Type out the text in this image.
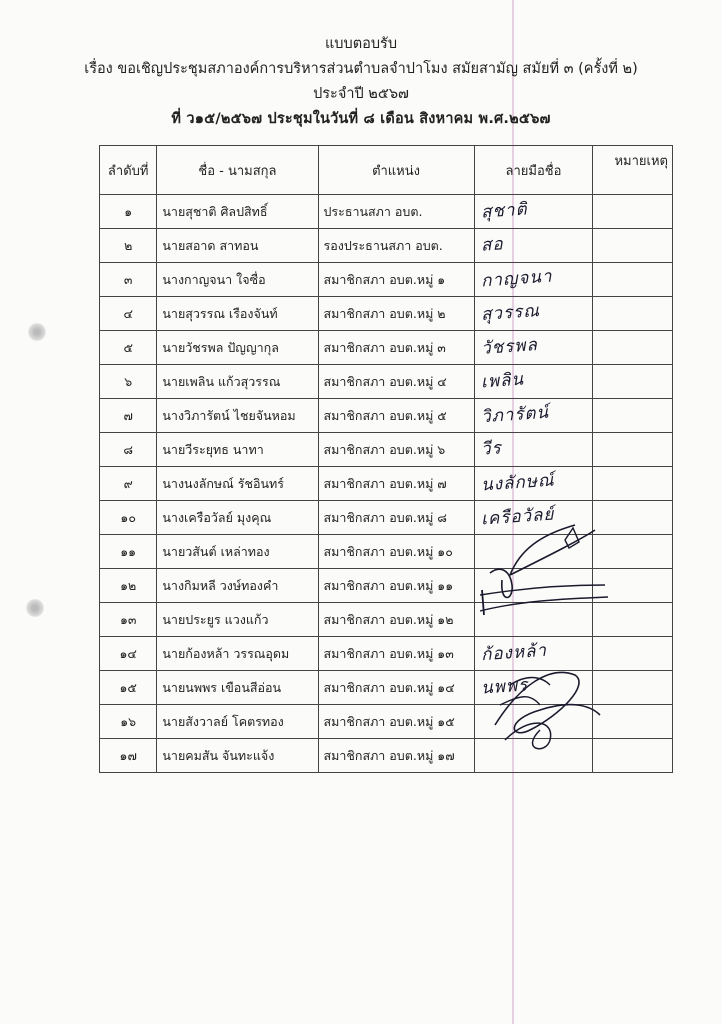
แบบตอบรับ
เรื่อง ขอเชิญประชุมสภาองค์การบริหารส่วนตำบลจำปาโมง สมัยสามัญ สมัยที่ ๓ (ครั้งที่ ๒)
ประจำปี ๒๕๖๗
ที่ ว๑๕/๒๕๖๗ ประชุมในวันที่ ๘ เดือน สิงหาคม พ.ศ.๒๕๖๗
ลำดับที่	ชื่อ - นามสกุล	ตำแหน่ง	ลายมือชื่อ	หมายเหตุ
๑	นายสุชาติ ศิลปสิทธิ์	ประธานสภา อบต.	สุชาติ	

๒	นายสอาด สาทอน	รองประธานสภา อบต.	สอ	

๓	นางกาญจนา ใจซื่อ	สมาชิกสภา อบต.หมู่ ๑	กาญจนา	

๔	นายสุวรรณ เรืองจันท์	สมาชิกสภา อบต.หมู่ ๒	สุวรรณ	

๕	นายวัชรพล ปัญญากุล	สมาชิกสภา อบต.หมู่ ๓	วัชรพล	

๖	นายเพลิน แก้วสุวรรณ	สมาชิกสภา อบต.หมู่ ๔	เพลิน	

๗	นางวิภารัตน์ ไชยจันหอม	สมาชิกสภา อบต.หมู่ ๕	วิภารัตน์	

๘	นายวีระยุทธ นาทา	สมาชิกสภา อบต.หมู่ ๖	วีร	

๙	นางนงลักษณ์ รัชอินทร์	สมาชิกสภา อบต.หมู่ ๗	นงลักษณ์	

๑๐	นางเครือวัลย์ มุงคุณ	สมาชิกสภา อบต.หมู่ ๘	เครือวัลย์	

๑๑	นายวสันต์ เหล่าทอง	สมาชิกสภา อบต.หมู่ ๑๐		
๑๒	นางกิมหลี วงษ์ทองคำ	สมาชิกสภา อบต.หมู่ ๑๑		
๑๓	นายประยูร แวงแก้ว	สมาชิกสภา อบต.หมู่ ๑๒		
๑๔	นายก้องหล้า วรรณอุดม	สมาชิกสภา อบต.หมู่ ๑๓	ก้องหล้า	

๑๕	นายนพพร เขือนสีอ่อน	สมาชิกสภา อบต.หมู่ ๑๔	นพพร	

๑๖	นายสังวาลย์ โคตรทอง	สมาชิกสภา อบต.หมู่ ๑๕		
๑๗	นายคมสัน จันทะแจ้ง	สมาชิกสภา อบต.หมู่ ๑๗		
